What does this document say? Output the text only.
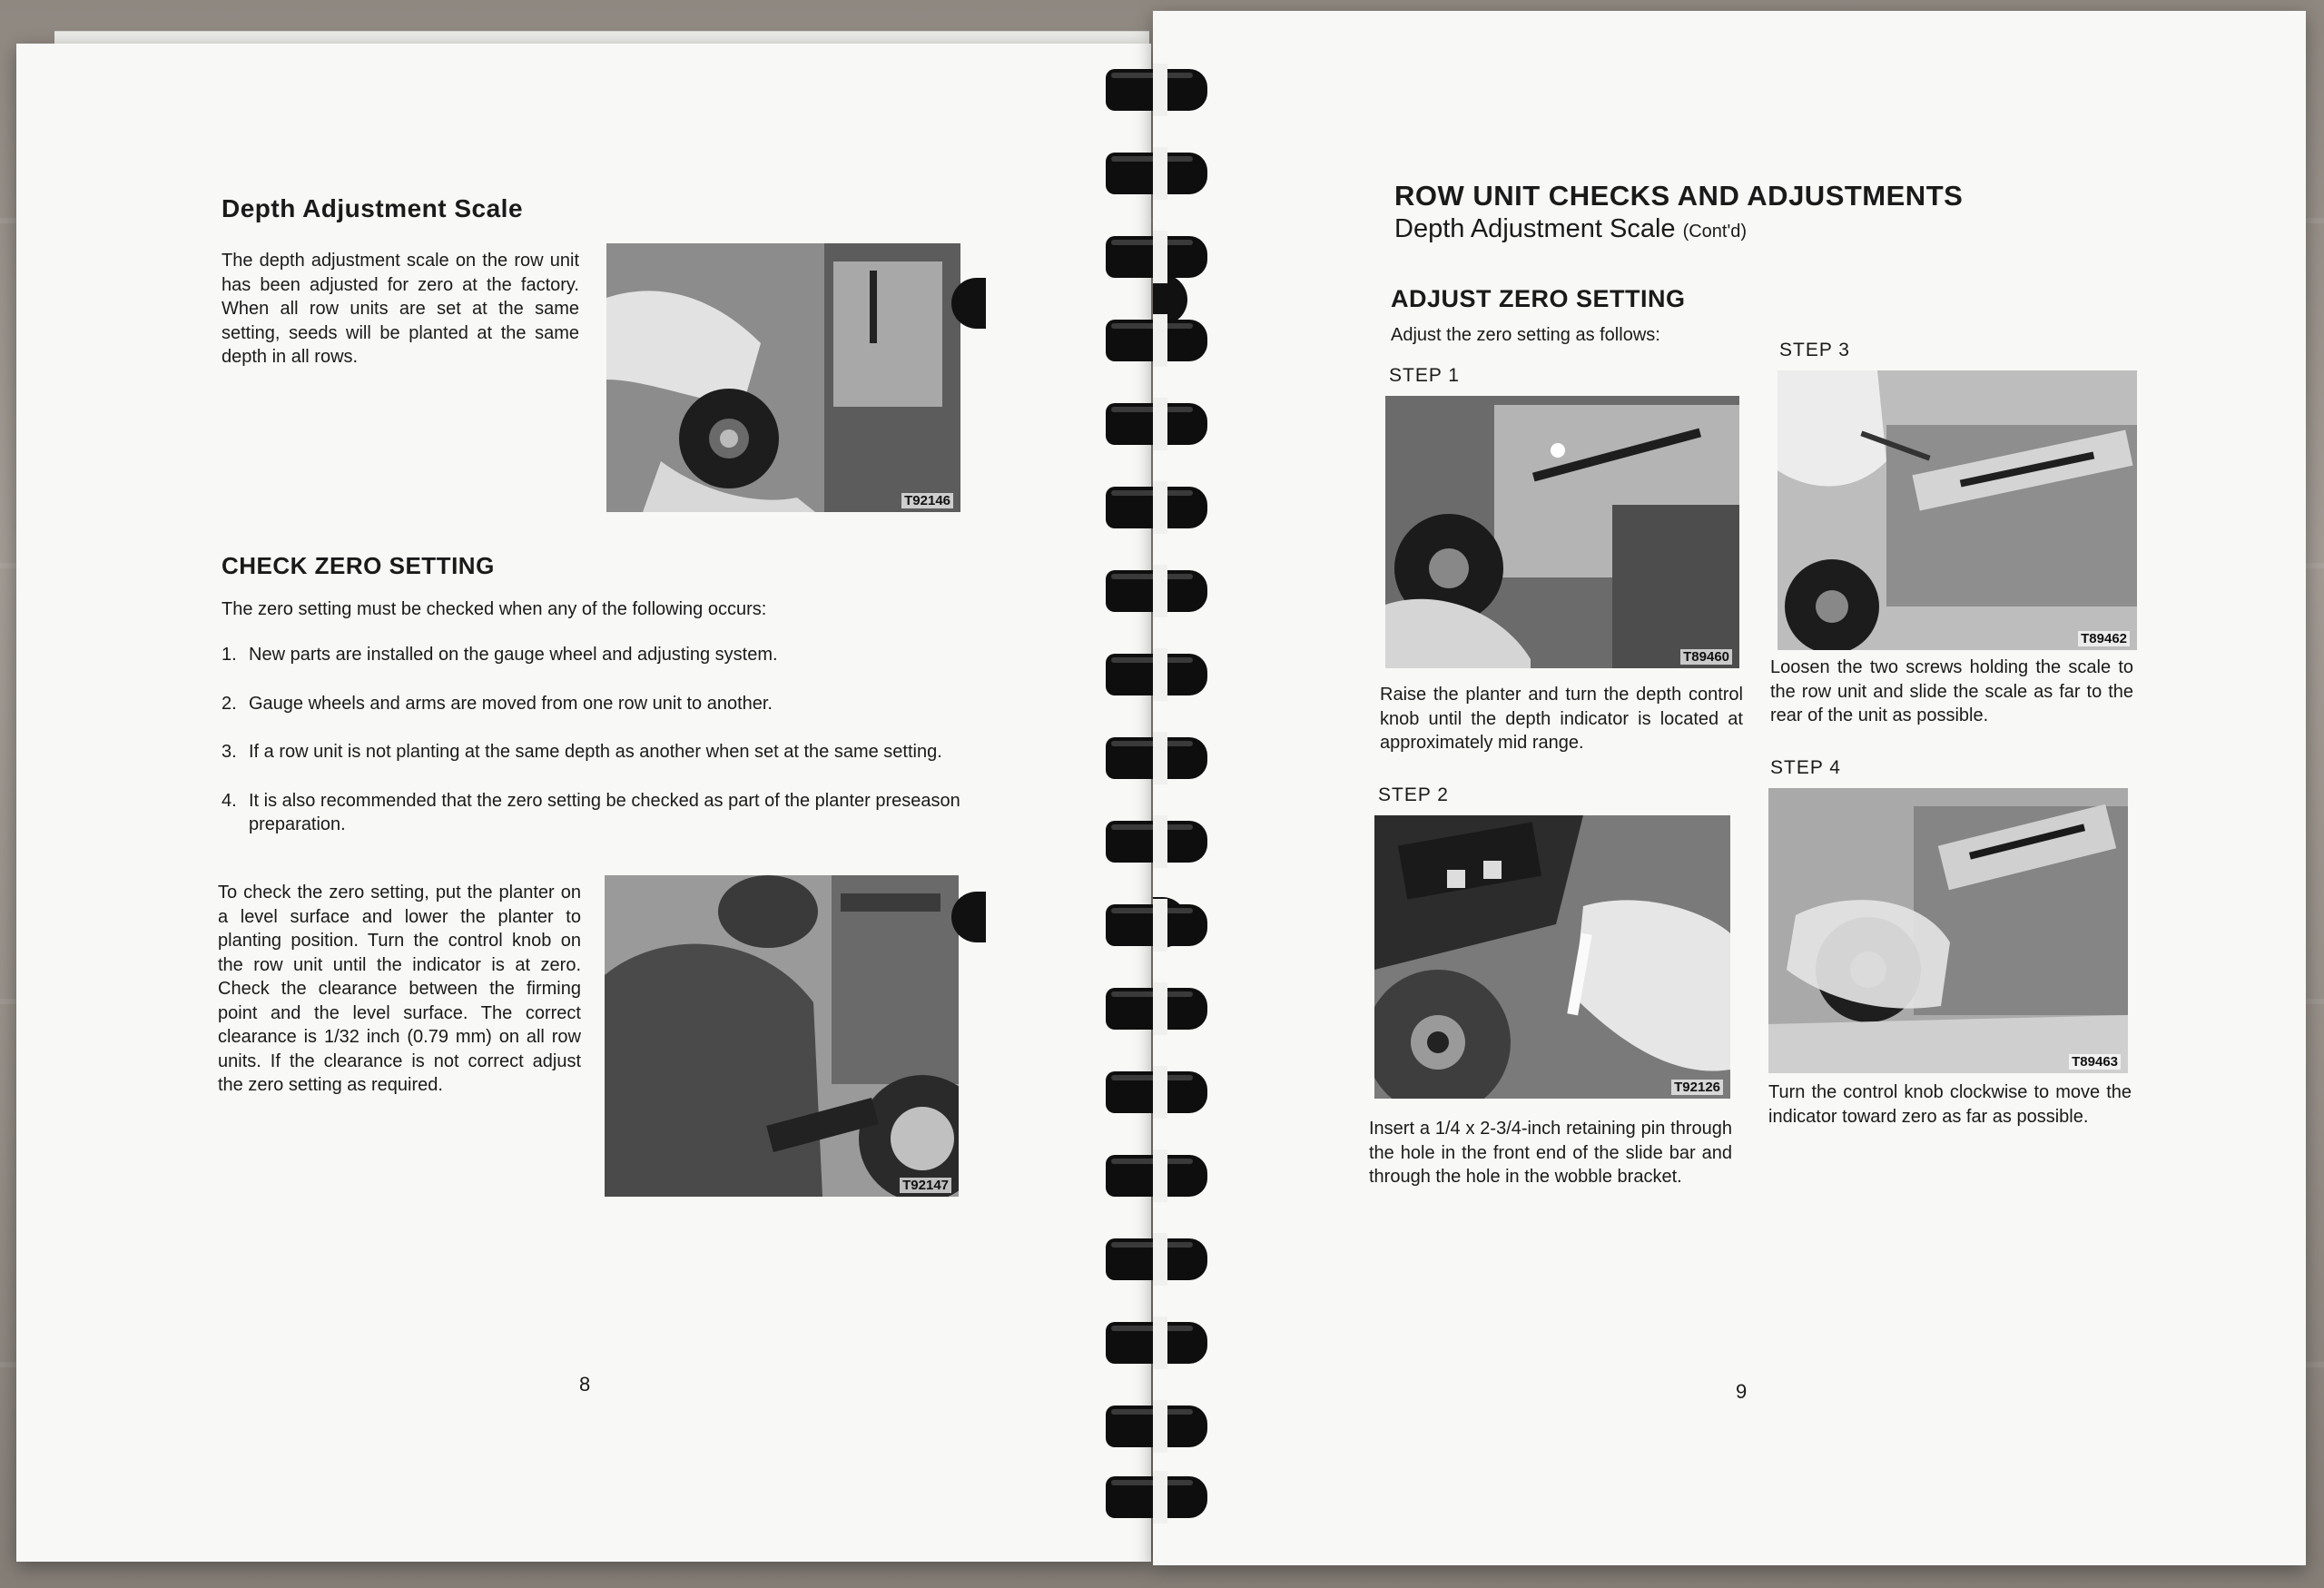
Depth Adjustment Scale

The depth adjustment scale on the row unit has been adjusted for zero at the factory. When all row units are set at the same setting, seeds will be planted at the same depth in all rows.

T92146
CHECK ZERO SETTING

The zero setting must be checked when any of the following occurs:

1. New parts are installed on the gauge wheel and adjusting system.
2. Gauge wheels and arms are moved from one row unit to another.
3. If a row unit is not planting at the same depth as another when set at the same setting.
4. It is also recommended that the zero setting be checked as part of the planter preseason preparation.

To check the zero setting, put the planter on a level surface and lower the planter to planting position. Turn the control knob on the row unit until the indicator is at zero. Check the clearance between the firming point and the level surface. The correct clearance is 1/32 inch (0.79 mm) on all row units. If the clearance is not correct adjust the zero setting as required.

T92147
8
ROW UNIT CHECKS AND ADJUSTMENTS
Depth Adjustment Scale (Cont'd)
ADJUST ZERO SETTING

Adjust the zero setting as follows:

STEP 1
T89460

Raise the planter and turn the depth control knob until the depth indicator is located at approximately mid range.

STEP 2
T92126

Insert a 1/4 x 2-3/4-inch retaining pin through the hole in the front end of the slide bar and through the hole in the wobble bracket.

STEP 3
T89462

Loosen the two screws holding the scale to the row unit and slide the scale as far to the rear of the unit as possible.

STEP 4
T89463

Turn the control knob clockwise to move the indicator toward zero as far as possible.

9
